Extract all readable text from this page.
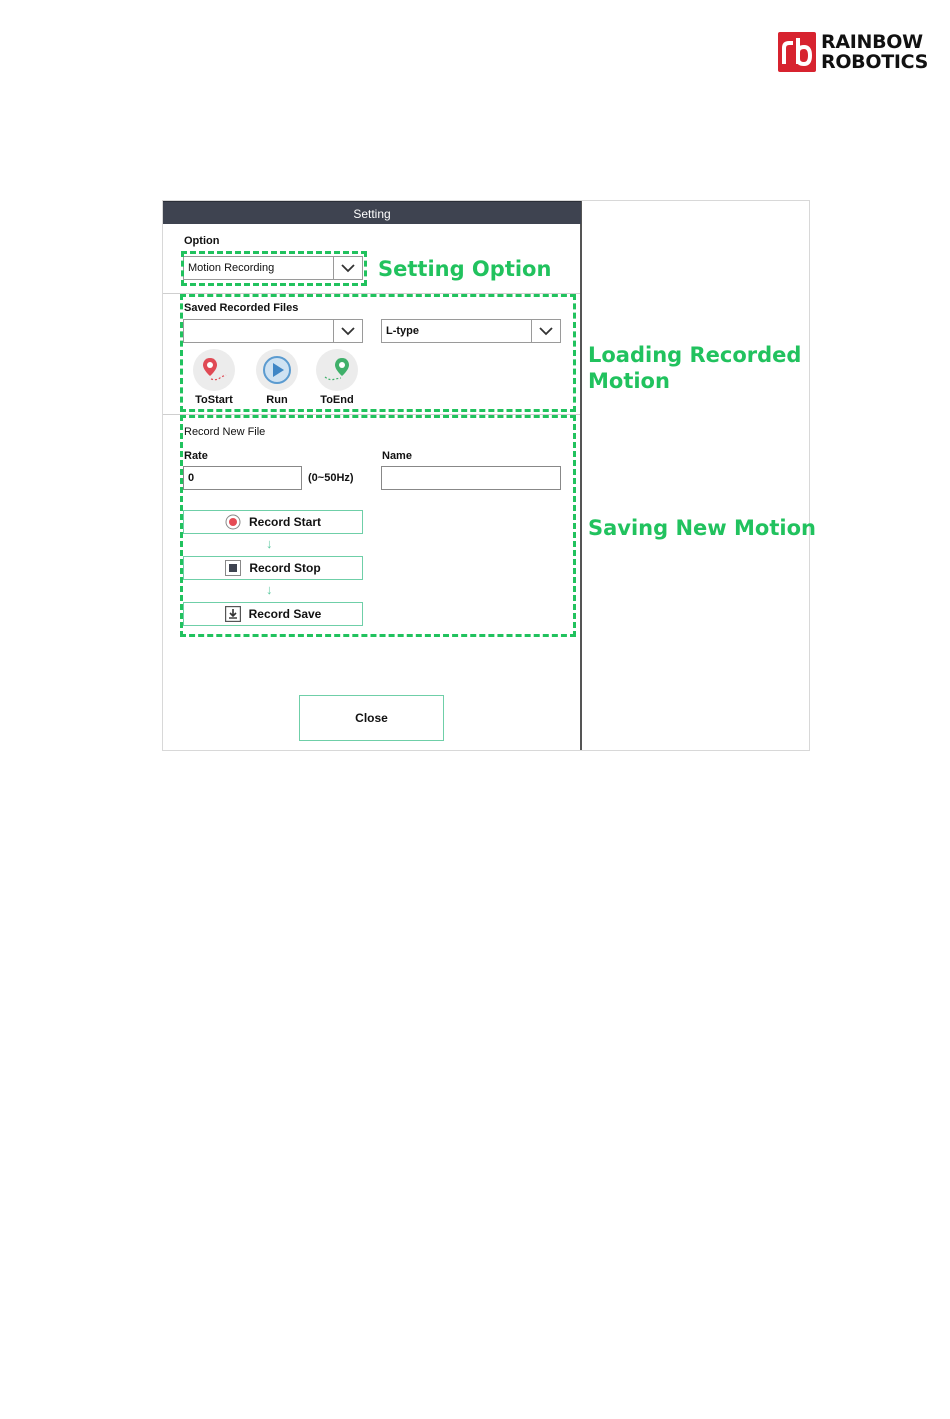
RAINBOW
ROBOTICS
Setting
Option
Motion Recording
Saved Recorded Files
L-type
ToStart	Run	ToEnd
Record New File
Rate
0	(0~50Hz)
Name
Record Start
↓
Record Stop
↓
Record Save
Close
Setting Option
Loading Recorded
Motion
Saving New Motion
